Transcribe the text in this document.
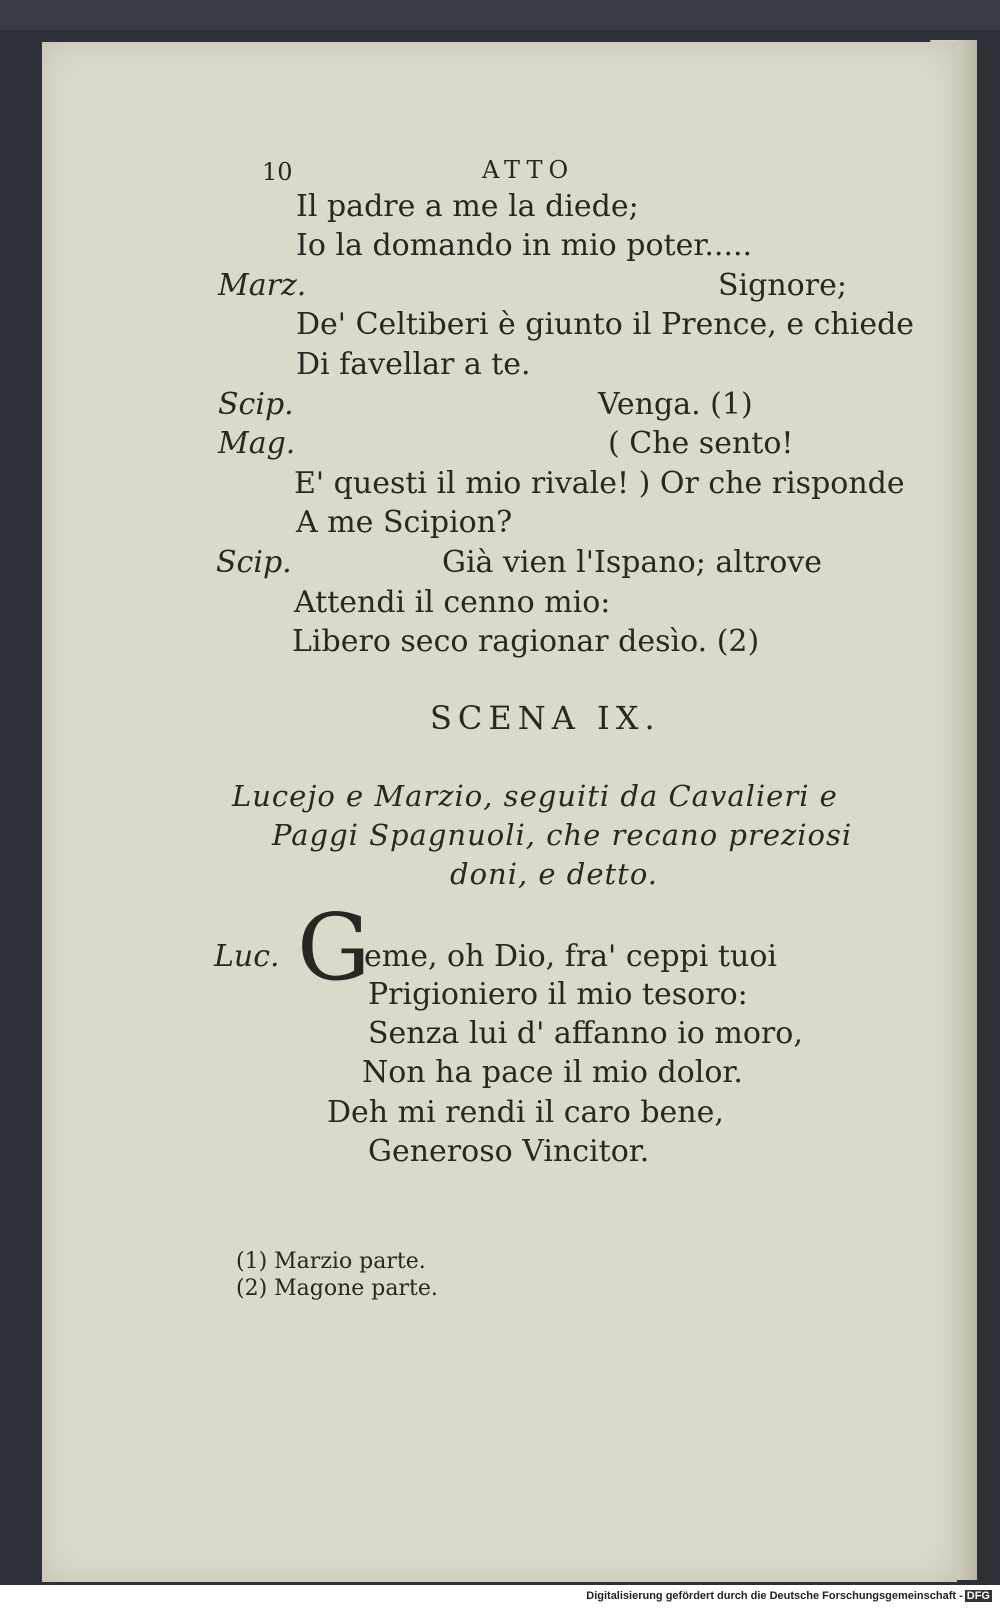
10	ATTO
Il padre a me la diede;
Io la domando in mio poter.....
Marz.	Signore;
De' Celtiberi è giunto il Prence, e chiede
Di favellar a te.
Scip.	Venga. (1)
Mag.	( Che sento!
E' questi il mio rivale! ) Or che risponde
A me Scipion?
Scip.	Già vien l'Ispano; altrove
Attendi il cenno mio:
Libero seco ragionar desìo. (2)
SCENA IX.
Lucejo e Marzio, seguiti da Cavalieri e
Paggi Spagnuoli, che recano preziosi
doni, e detto.
Luc. G
eme, oh Dio, fra' ceppi tuoi
Prigioniero il mio tesoro:
Senza lui d' affanno io moro,
Non ha pace il mio dolor.
Deh mi rendi il caro bene,
Generoso Vincitor.
(1) Marzio parte.
(2) Magone parte.
Digitalisierung gefördert durch die Deutsche Forschungsgemeinschaft - DFG
